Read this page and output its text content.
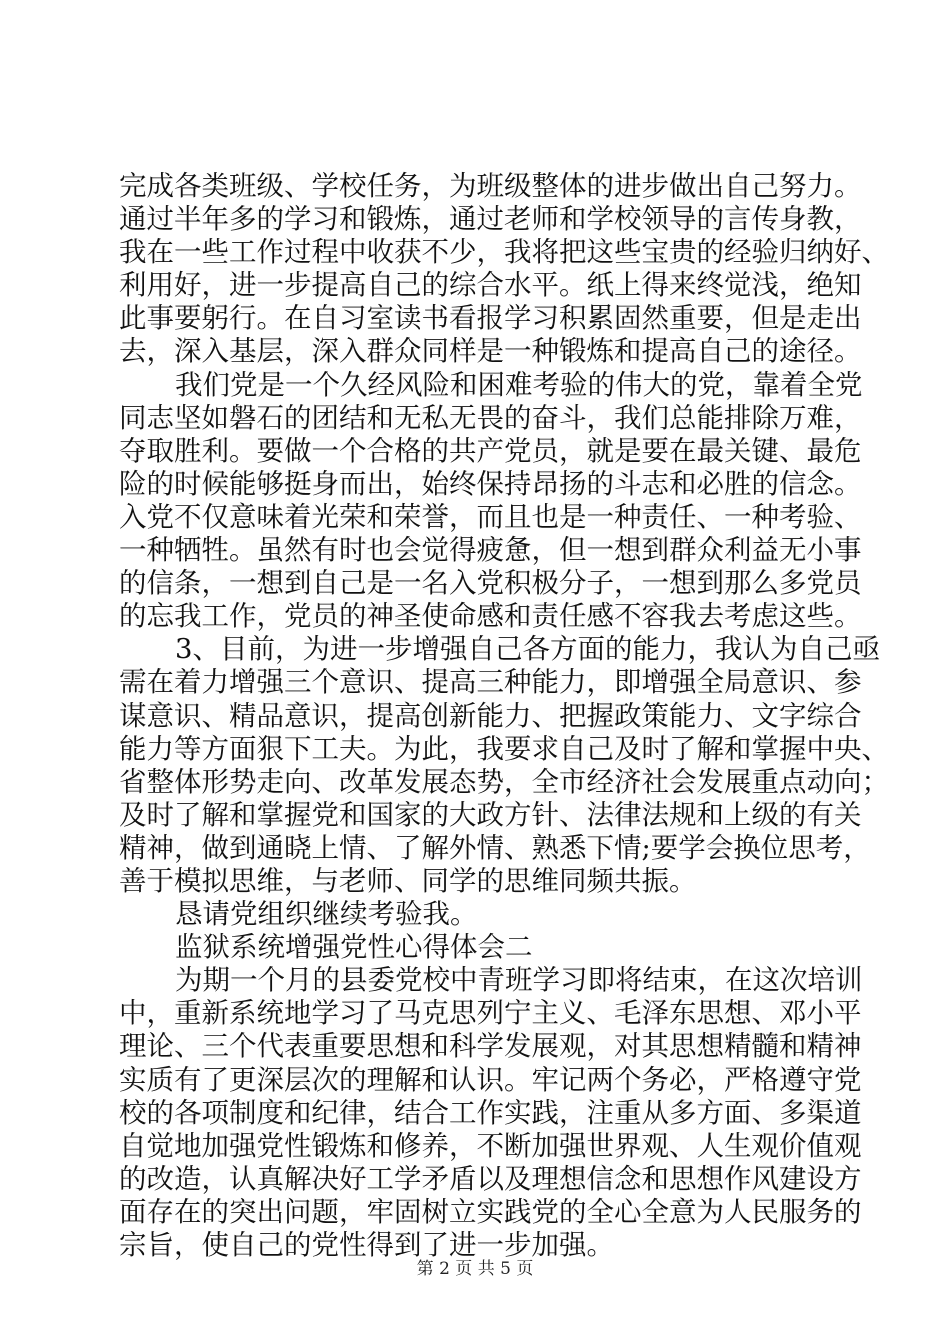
完成各类班级、学校任务，为班级整体的进步做出自己努力。
通过半年多的学习和锻炼，通过老师和学校领导的言传身教，
我在一些工作过程中收获不少，我将把这些宝贵的经验归纳好、
利用好，进一步提高自己的综合水平。纸上得来终觉浅，绝知
此事要躬行。在自习室读书看报学习积累固然重要，但是走出
去，深入基层，深入群众同样是一种锻炼和提高自己的途径。
我们党是一个久经风险和困难考验的伟大的党，靠着全党
同志坚如磐石的团结和无私无畏的奋斗，我们总能排除万难，
夺取胜利。要做一个合格的共产党员，就是要在最关键、最危
险的时候能够挺身而出，始终保持昂扬的斗志和必胜的信念。
入党不仅意味着光荣和荣誉，而且也是一种责任、一种考验、
一种牺牲。虽然有时也会觉得疲惫，但一想到群众利益无小事
的信条，一想到自己是一名入党积极分子，一想到那么多党员
的忘我工作，党员的神圣使命感和责任感不容我去考虑这些。
3、目前，为进一步增强自己各方面的能力，我认为自己亟
需在着力增强三个意识、提高三种能力，即增强全局意识、参
谋意识、精品意识，提高创新能力、把握政策能力、文字综合
能力等方面狠下工夫。为此，我要求自己及时了解和掌握中央、
省整体形势走向、改革发展态势，全市经济社会发展重点动向；
及时了解和掌握党和国家的大政方针、法律法规和上级的有关
精神，做到通晓上情、了解外情、熟悉下情;要学会换位思考，
善于模拟思维，与老师、同学的思维同频共振。
恳请党组织继续考验我。
监狱系统增强党性心得体会二
为期一个月的县委党校中青班学习即将结束，在这次培训
中，重新系统地学习了马克思列宁主义、毛泽东思想、邓小平
理论、三个代表重要思想和科学发展观，对其思想精髓和精神
实质有了更深层次的理解和认识。牢记两个务必，严格遵守党
校的各项制度和纪律，结合工作实践，注重从多方面、多渠道
自觉地加强党性锻炼和修养，不断加强世界观、人生观价值观
的改造，认真解决好工学矛盾以及理想信念和思想作风建设方
面存在的突出问题，牢固树立实践党的全心全意为人民服务的
宗旨，使自己的党性得到了进一步加强。
第 2 页 共 5 页
